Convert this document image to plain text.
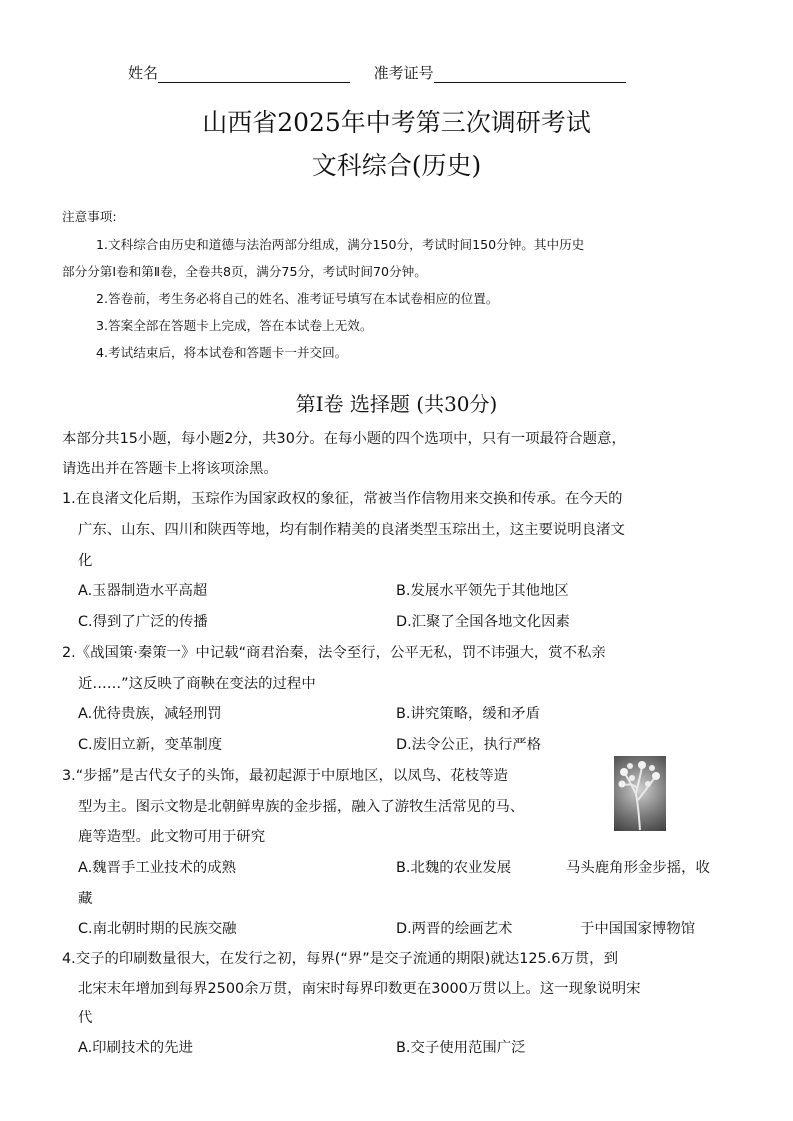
姓名	准考证号
山西省2025年中考第三次调研考试
文科综合(历史)
注意事项:
1.文科综合由历史和道德与法治两部分组成，满分150分，考试时间150分钟。其中历史
部分分第Ⅰ卷和第Ⅱ卷，全卷共8页，满分75分，考试时间70分钟。
2.答卷前，考生务必将自己的姓名、准考证号填写在本试卷相应的位置。
3.答案全部在答题卡上完成，答在本试卷上无效。
4.考试结束后，将本试卷和答题卡一并交回。
第Ⅰ卷 选择题 (共30分)
本部分共15小题，每小题2分，共30分。在每小题的四个选项中，只有一项最符合题意，
请选出并在答题卡上将该项涂黑。
1.在良渚文化后期，玉琮作为国家政权的象征，常被当作信物用来交换和传承。在今天的
广东、山东、四川和陕西等地，均有制作精美的良渚类型玉琮出土，这主要说明良渚文
化
A.玉器制造水平高超	B.发展水平领先于其他地区
C.得到了广泛的传播	D.汇聚了全国各地文化因素
2.《战国策·秦策一》中记载“商君治秦，法令至行，公平无私，罚不讳强大，赏不私亲
近……”这反映了商鞅在变法的过程中
A.优待贵族，减轻刑罚	B.讲究策略，缓和矛盾
C.废旧立新，变革制度	D.法令公正，执行严格
3.“步摇”是古代女子的头饰，最初起源于中原地区，以凤鸟、花枝等造
型为主。图示文物是北朝鲜卑族的金步摇，融入了游牧生活常见的马、
鹿等造型。此文物可用于研究
A.魏晋手工业技术的成熟	B.北魏的农业发展	马头鹿角形金步摇，收
藏
C.南北朝时期的民族交融	D.两晋的绘画艺术	于中国国家博物馆
4.交子的印刷数量很大，在发行之初，每界(“界”是交子流通的期限)就达125.6万贯，到
北宋末年增加到每界2500余万贯，南宋时每界印数更在3000万贯以上。这一现象说明宋
代
A.印刷技术的先进	B.交子使用范围广泛
